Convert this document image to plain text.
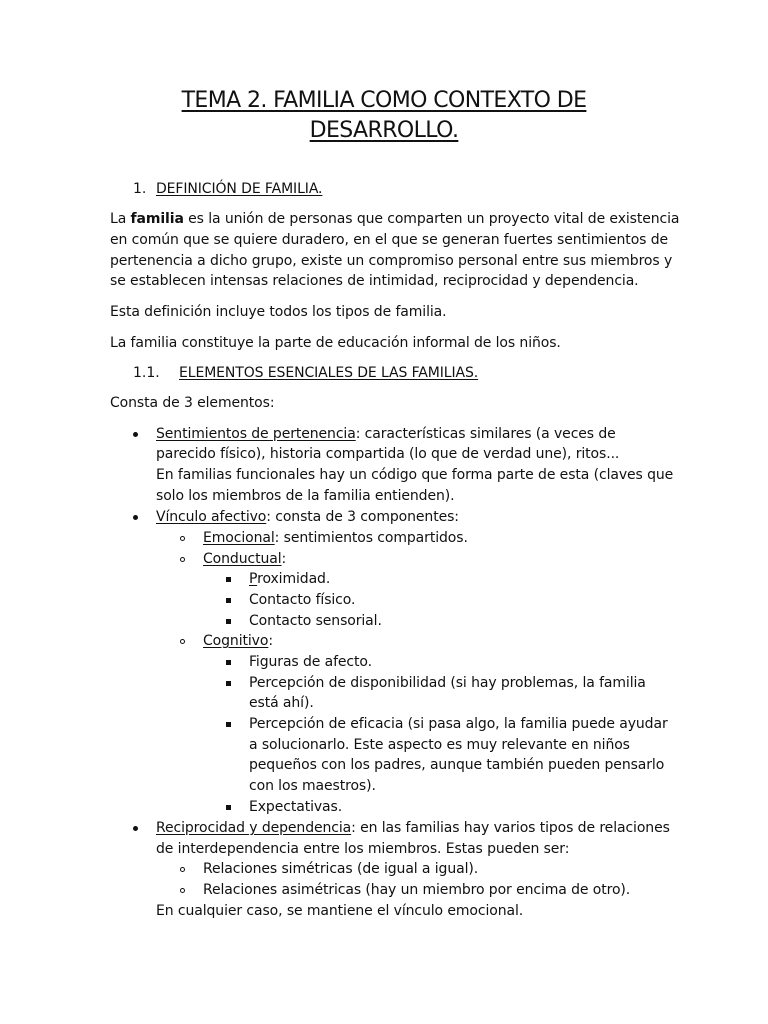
TEMA 2. FAMILIA COMO CONTEXTO DE
DESARROLLO.
1. DEFINICIÓN DE FAMILIA.
La familia es la unión de personas que comparten un proyecto vital de existencia
en común que se quiere duradero, en el que se generan fuertes sentimientos de
pertenencia a dicho grupo, existe un compromiso personal entre sus miembros y
se establecen intensas relaciones de intimidad, reciprocidad y dependencia.
Esta definición incluye todos los tipos de familia.
La familia constituye la parte de educación informal de los niños.
1.1. ELEMENTOS ESENCIALES DE LAS FAMILIAS.
Consta de 3 elementos:
Sentimientos de pertenencia: características similares (a veces de
parecido físico), historia compartida (lo que de verdad une), ritos...
En familias funcionales hay un código que forma parte de esta (claves que
solo los miembros de la familia entienden).
Vínculo afectivo: consta de 3 componentes:
Emocional: sentimientos compartidos.
Conductual:
Proximidad.
Contacto físico.
Contacto sensorial.
Cognitivo:
Figuras de afecto.
Percepción de disponibilidad (si hay problemas, la familia
está ahí).
Percepción de eficacia (si pasa algo, la familia puede ayudar
a solucionarlo. Este aspecto es muy relevante en niños
pequeños con los padres, aunque también pueden pensarlo
con los maestros).
Expectativas.
Reciprocidad y dependencia: en las familias hay varios tipos de relaciones
de interdependencia entre los miembros. Estas pueden ser:
Relaciones simétricas (de igual a igual).
Relaciones asimétricas (hay un miembro por encima de otro).
En cualquier caso, se mantiene el vínculo emocional.
